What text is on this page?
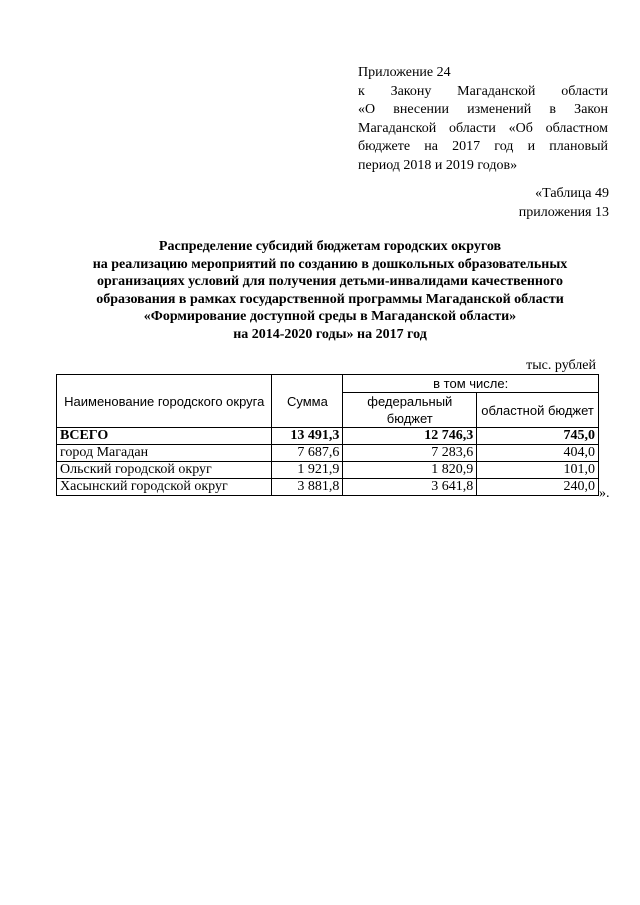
Приложение 24
к Закону Магаданской области
«О внесении изменений в Закон
Магаданской области «Об областном
бюджете на 2017 год и плановый
период 2018 и 2019 годов»
«Таблица 49
приложения 13
Распределение субсидий бюджетам городских округов
на реализацию мероприятий по созданию в дошкольных образовательных
организациях условий для получения детьми-инвалидами качественного
образования в рамках государственной программы Магаданской области
«Формирование доступной среды в Магаданской области»
на 2014-2020 годы» на 2017 год
тыс. рублей
Наименование городского округа	Сумма	в том числе:	
		федеральный бюджет	областной бюджет
ВСЕГО	13 491,3	12 746,3	745,0
город Магадан	7 687,6	7 283,6	404,0
Ольский городской округ	1 921,9	1 820,9	101,0
Хасынский городской округ	3 881,8	3 641,8	240,0 ».
